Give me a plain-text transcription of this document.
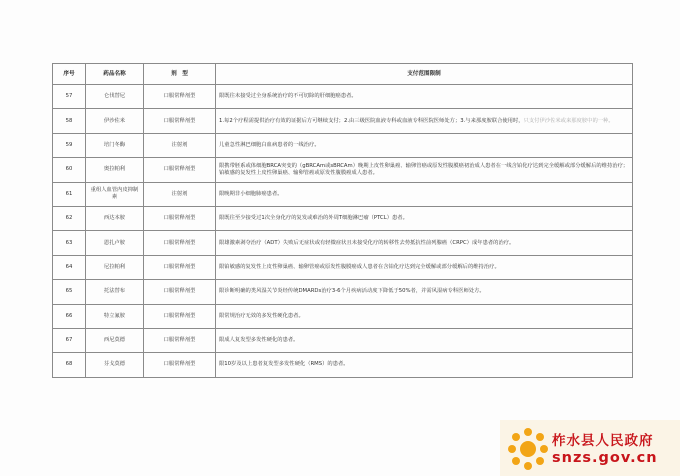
序号	药品名称	剂　型	支付范围限制
57	仑伐替尼	口服常释剂型	限既往未接受过全身系统治疗的不可切除的肝细胞癌患者。
58	伊沙佐米	口服常释剂型	1.每2个疗程需提供治疗有效的证据后方可继续支付；2.由三级医院血液专科或血液专科医院医师处方；3.与来那度胺联合使用时，只支付伊沙佐米或来那度胺中的一种。
59	培门冬酶	注射剂	儿童急性淋巴细胞白血病患者的一线治疗。
60	奥拉帕利	口服常释剂型	限携带胚系或体细胞BRCA突变的（gBRCAm或sBRCAm）晚期上皮性卵巢癌、输卵管癌或原发性腹膜癌初治成人患者在一线含铂化疗达到完全缓解或部分缓解后的维持治疗；铂敏感的复发性上皮性卵巢癌、输卵管癌或原发性腹膜癌成人患者。
61	重组人血管内皮抑制素	注射剂	限晚期非小细胞肺癌患者。
62	西达本胺	口服常释剂型	限既往至少接受过1次全身化疗的复发或难治的外周T细胞淋巴瘤（PTCL）患者。
63	恩扎卢胺	口服常释剂型	限雄激素剥夺治疗（ADT）失败后无症状或有轻微症状且未接受化疗的转移性去势抵抗性前列腺癌（CRPC）成年患者的治疗。
64	尼拉帕利	口服常释剂型	限铂敏感的复发性上皮性卵巢癌、输卵管癌或原发性腹膜癌成人患者在含铂化疗达到完全缓解或部分缓解后的维持治疗。
65	托法替布	口服常释剂型	限诊断明确的类风湿关节炎经传统DMARDs治疗3-6个月疾病活动度下降低于50%者，并需风湿病专科医师处方。
66	特立氟胺	口服常释剂型	限常规治疗无效的多发性硬化患者。
67	西尼莫德	口服常释剂型	限成人复发型多发性硬化的患者。
68	芬戈莫德	口服常释剂型	限10岁及以上患者复发型多发性硬化（RMS）的患者。
柞水县人民政府
snzs.gov.cn
